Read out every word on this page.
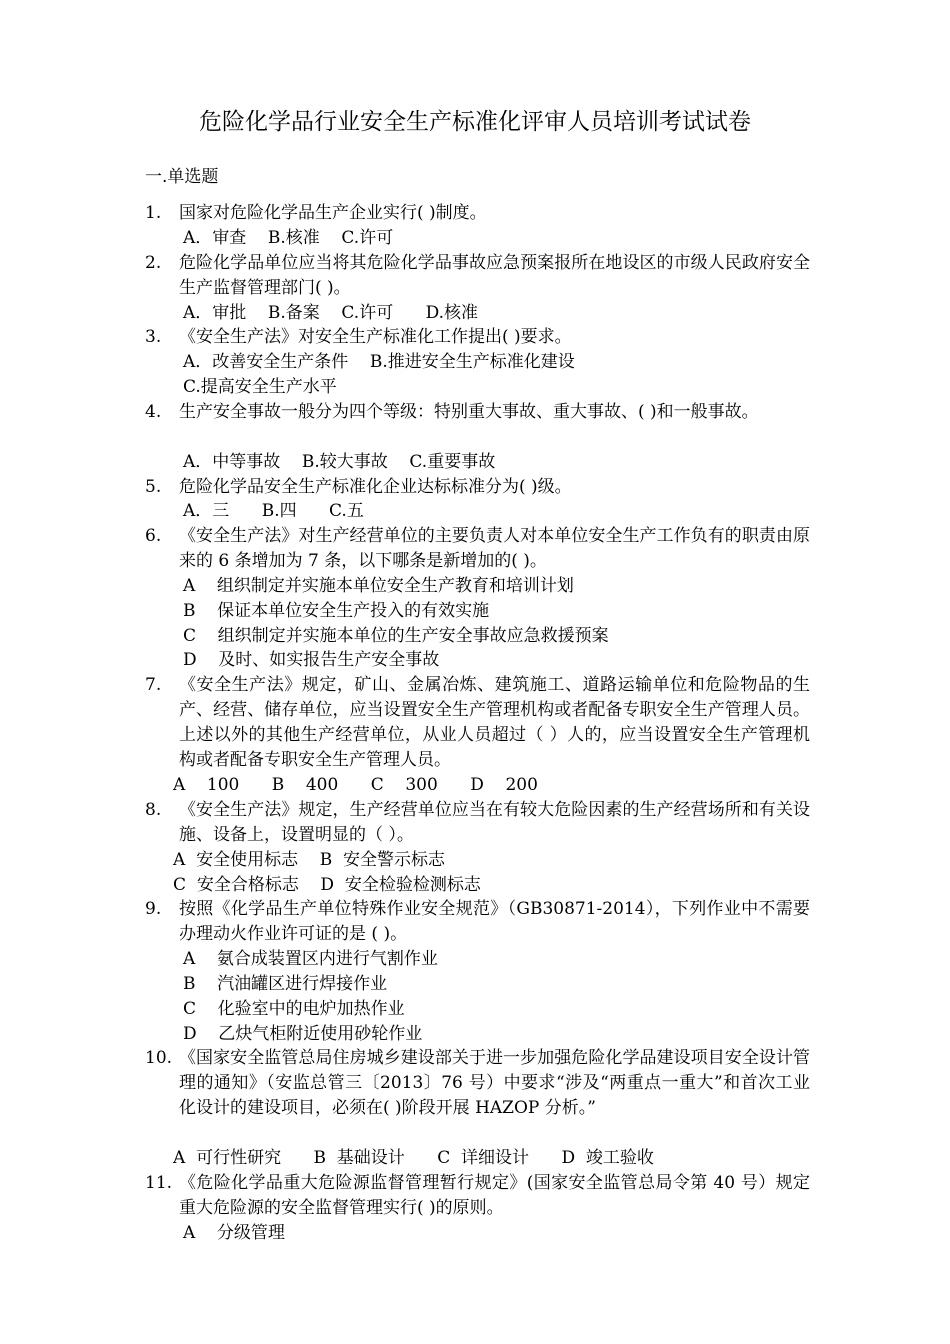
危险化学品行业安全生产标准化评审人员培训考试试卷
一.单选题
1.	国家对危险化学品生产企业实行( )制度。
A．审查    B.核准    C.许可
2.	危险化学品单位应当将其危险化学品事故应急预案报所在地设区的市级人民政府安全生产监督管理部门( )。
A．审批    B.备案    C.许可      D.核准
3.	《安全生产法》对安全生产标准化工作提出( )要求。
A．改善安全生产条件    B.推进安全生产标准化建设
C.提高安全生产水平
4.	生产安全事故一般分为四个等级：特别重大事故、重大事故、( )和一般事故。
A．中等事故    B.较大事故    C.重要事故
5.	危险化学品安全生产标准化企业达标标准分为( )级。
A．三      B.四      C.五
6.	《安全生产法》对生产经营单位的主要负责人对本单位安全生产工作负有的职责由原来的 6 条增加为 7 条，以下哪条是新增加的( )。
A    组织制定并实施本单位安全生产教育和培训计划
B    保证本单位安全生产投入的有效实施
C    组织制定并实施本单位的生产安全事故应急救援预案
D    及时、如实报告生产安全事故
7.	《安全生产法》规定，矿山、金属冶炼、建筑施工、道路运输单位和危险物品的生产、经营、储存单位，应当设置安全生产管理机构或者配备专职安全生产管理人员。上述以外的其他生产经营单位，从业人员超过（ ）人的，应当设置安全生产管理机构或者配备专职安全生产管理人员。
A    100      B    400      C    300      D    200
8.	《安全生产法》规定，生产经营单位应当在有较大危险因素的生产经营场所和有关设施、设备上，设置明显的（ ）。
A  安全使用标志    B  安全警示标志
C  安全合格标志    D  安全检验检测标志
9.	按照《化学品生产单位特殊作业安全规范》（GB30871-2014），下列作业中不需要办理动火作业许可证的是 ( )。
A    氨合成装置区内进行气割作业
B    汽油罐区进行焊接作业
C    化验室中的电炉加热作业
D    乙炔气柜附近使用砂轮作业
10. 《国家安全监管总局住房城乡建设部关于进一步加强危险化学品建设项目安全设计管理的通知》（安监总管三〔2013〕76 号）中要求“涉及“两重点一重大”和首次工业化设计的建设项目，必须在( )阶段开展 HAZOP 分析。”
A  可行性研究      B  基础设计      C  详细设计      D  竣工验收
11. 《危险化学品重大危险源监督管理暂行规定》(国家安全监管总局令第 40 号）规定重大危险源的安全监督管理实行( )的原则。
A    分级管理
